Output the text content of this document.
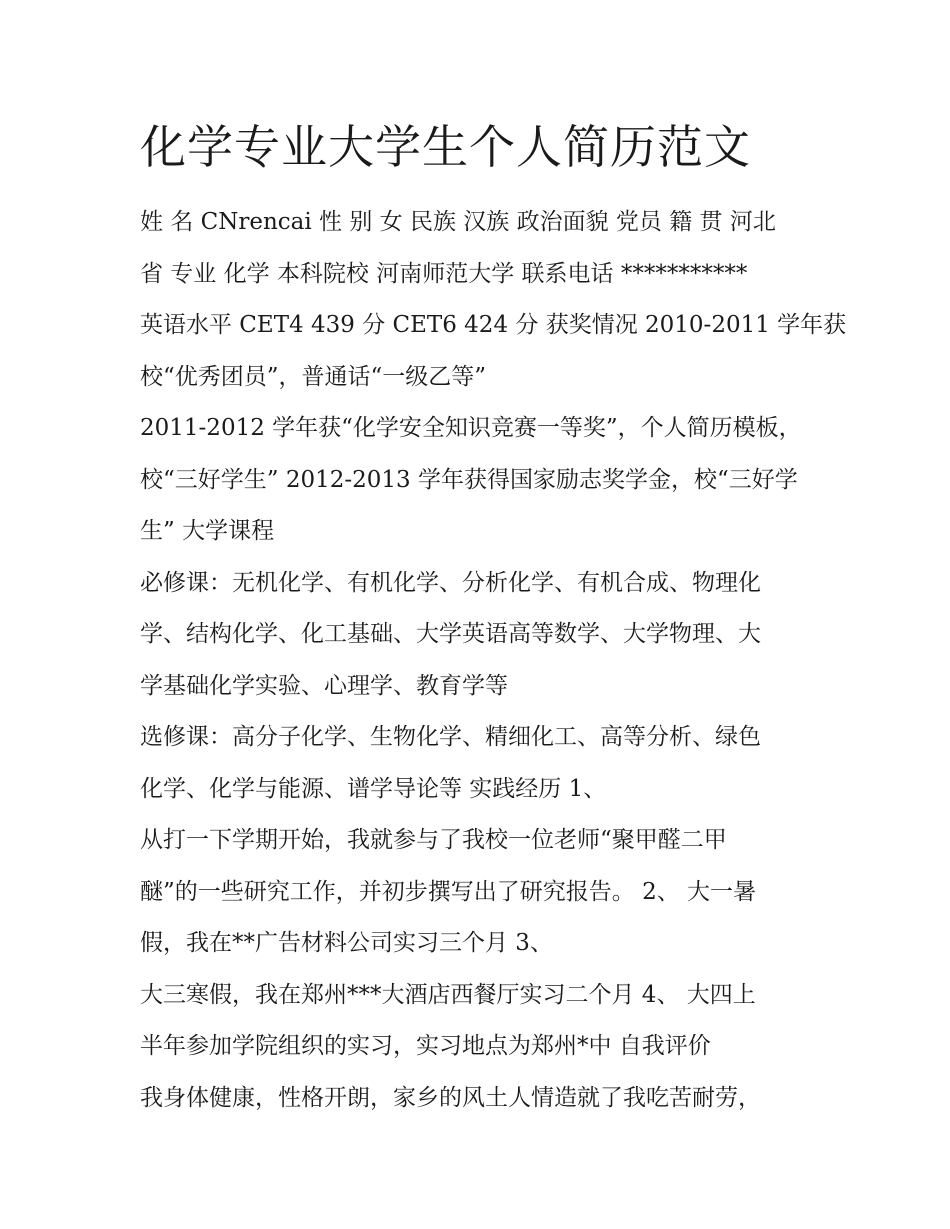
化学专业大学生个人简历范文
姓 名 CNrencai 性 别 女 民族 汉族 政治面貌 党员 籍 贯 河北
省 专业 化学 本科院校 河南师范大学 联系电话 ***********
英语水平 CET4 439 分 CET6 424 分 获奖情况 2010-2011 学年获
校“优秀团员”，普通话“一级乙等”
2011-2012 学年获“化学安全知识竞赛一等奖”，个人简历模板，
校“三好学生” 2012-2013 学年获得国家励志奖学金，校“三好学
生” 大学课程
必修课：无机化学、有机化学、分析化学、有机合成、物理化
学、结构化学、化工基础、大学英语高等数学、大学物理、大
学基础化学实验、心理学、教育学等
选修课：高分子化学、生物化学、精细化工、高等分析、绿色
化学、化学与能源、谱学导论等 实践经历 1、
从打一下学期开始，我就参与了我校一位老师“聚甲醛二甲
醚”的一些研究工作，并初步撰写出了研究报告。 2、 大一暑
假，我在**广告材料公司实习三个月 3、
大三寒假，我在郑州***大酒店西餐厅实习二个月 4、 大四上
半年参加学院组织的实习，实习地点为郑州*中 自我评价
我身体健康，性格开朗，家乡的风土人情造就了我吃苦耐劳，
